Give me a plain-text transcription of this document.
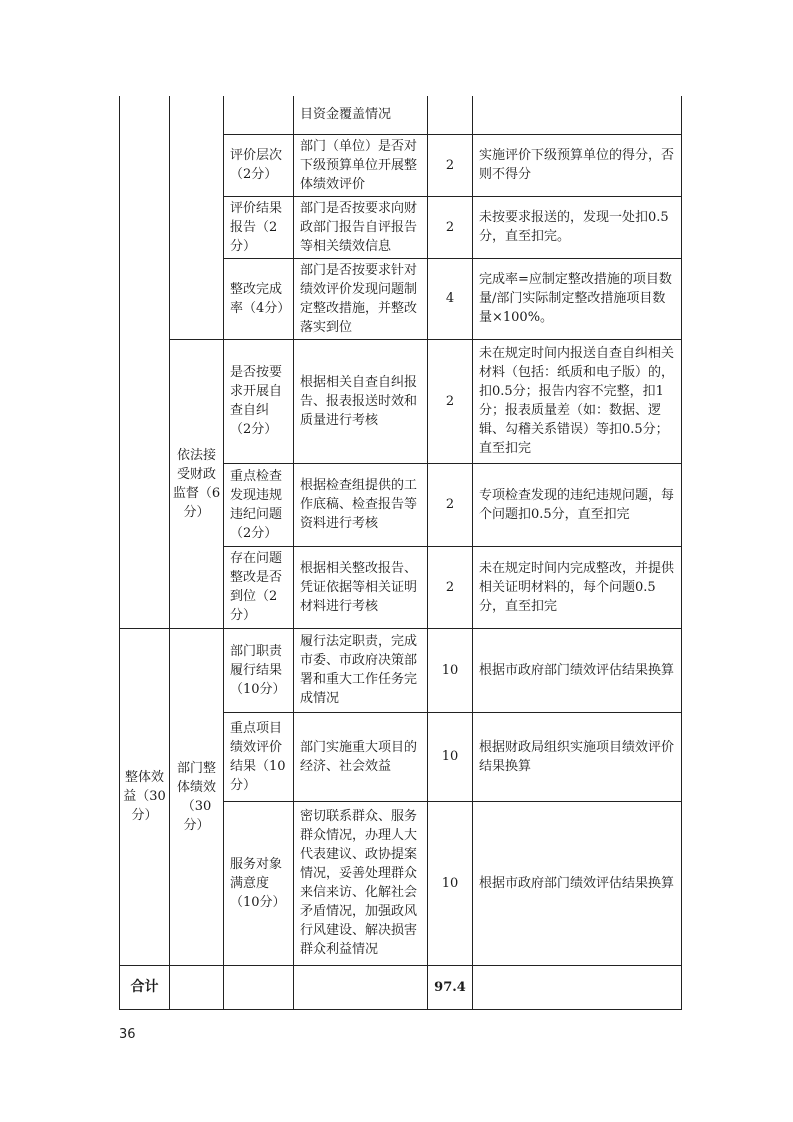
			目资金覆盖情况		
		评价层次（2分）	部门（单位）是否对下级预算单位开展整体绩效评价	2	实施评价下级预算单位的得分，否则不得分
		评价结果报告（2分）	部门是否按要求向财政部门报告自评报告等相关绩效信息	2	未按要求报送的，发现一处扣0.5分，直至扣完。
		整改完成率（4分）	部门是否按要求针对绩效评价发现问题制定整改措施，并整改落实到位	4	完成率=应制定整改措施的项目数量/部门实际制定整改措施项目数量×100%。
	依法接受财政监督（6分）	是否按要求开展自查自纠（2分）	根据相关自查自纠报告、报表报送时效和质量进行考核	2	未在规定时间内报送自查自纠相关材料（包括：纸质和电子版）的，扣0.5分；报告内容不完整，扣1分；报表质量差（如：数据、逻辑、勾稽关系错误）等扣0.5分；直至扣完
		重点检查发现违规违纪问题（2分）	根据检查组提供的工作底稿、检查报告等资料进行考核	2	专项检查发现的违纪违规问题，每个问题扣0.5分，直至扣完
		存在问题整改是否到位（2分）	根据相关整改报告、凭证依据等相关证明材料进行考核	2	未在规定时间内完成整改，并提供相关证明材料的，每个问题0.5分，直至扣完
整体效益（30分）	部门整体绩效（30分）	部门职责履行结果（10分）	履行法定职责，完成市委、市政府决策部署和重大工作任务完成情况	10	根据市政府部门绩效评估结果换算
		重点项目绩效评价结果（10分）	部门实施重大项目的经济、社会效益	10	根据财政局组织实施项目绩效评价结果换算
		服务对象满意度（10分）	密切联系群众、服务群众情况，办理人大代表建议、政协提案情况，妥善处理群众来信来访、化解社会矛盾情况，加强政风行风建设、解决损害群众利益情况	10	根据市政府部门绩效评估结果换算
合计				97.4	
36
